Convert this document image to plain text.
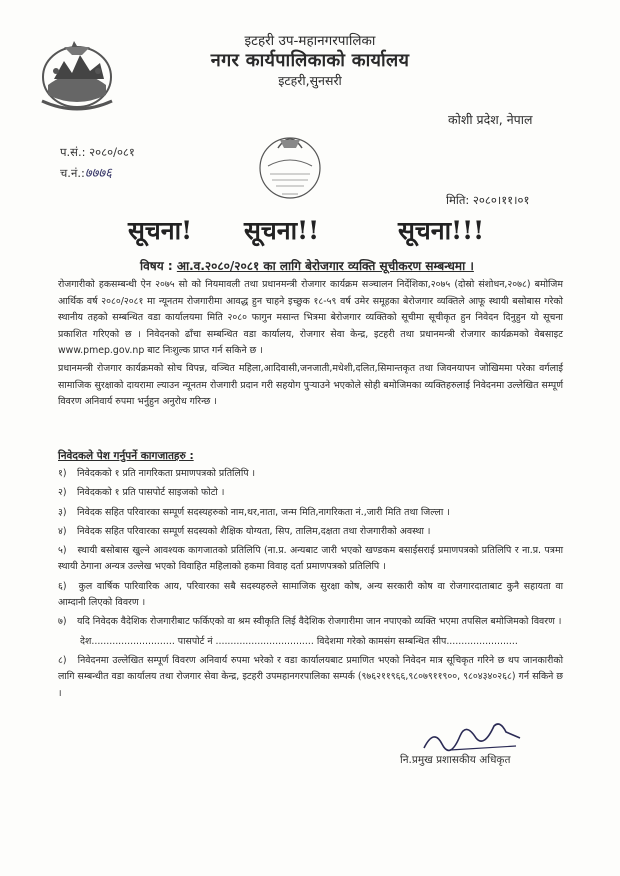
इटहरी उप-महानगरपालिका
नगर कार्यपालिकाको कार्यालय
इटहरी,सुनसरी
कोशी प्रदेश, नेपाल
प.सं.: २०८०/०८१
च.नं.:७७७६
मिति: २०८०।११।०१
सूचना! सूचना!!	सूचना!!!
विषय : आ.व.२०८०/२०८१ का लागि बेरोजगार व्यक्ति सूचीकरण सम्बन्धमा ।

रोजगारीको हकसम्बन्धी ऐन २०७५ सो को नियमावली तथा प्रधानमन्त्री रोजगार कार्यक्रम सञ्चालन निर्देशिका,२०७५ (दोस्रो संशोधन,२०७८) बमोजिम आर्थिक वर्ष २०८०/२०८१ मा न्यूनतम रोजगारीमा आवद्ध हुन चाहने इच्छुक १८-५९ वर्ष उमेर समूहका बेरोजगार व्यक्तिले आफू स्थायी बसोबास गरेको स्थानीय तहको सम्बन्धित वडा कार्यालयमा मिति २०८० फागुन मसान्त भित्रमा बेरोजगार व्यक्तिको सूचीमा सूचीकृत हुन निवेदन दिनुहुन यो सूचना प्रकाशित गरिएको छ । निवेदनको ढाँचा सम्बन्धित वडा कार्यालय, रोजगार सेवा केन्द्र, इटहरी तथा प्रधानमन्त्री रोजगार कार्यक्रमको वेबसाइट www.pmep.gov.np बाट निःशुल्क प्राप्त गर्न सकिने छ ।

प्रधानमन्त्री रोजगार कार्यक्रमको सोच विपन्न, वञ्चित महिला,आदिवासी,जनजाती,मधेशी,दलित,सिमान्तकृत तथा जिवनयापन जोखिममा परेका वर्गलाई सामाजिक सुरक्षाको दायरामा ल्याउन न्यूनतम रोजगारी प्रदान गरी सहयोग पुऱ्याउने भएकोले सोही बमोजिमका व्यक्तिहरुलाई निवेदनमा उल्लेखित सम्पूर्ण विवरण अनिवार्य रुपमा भर्नुहुन अनुरोध गरिन्छ ।

निवेदकले पेश गर्नुपर्ने कागजातहरु :
१) निवेदकको १ प्रति नागरिकता प्रमाणपत्रको प्रतिलिपि ।
२) निवेदकको १ प्रति पासपोर्ट साइजको फोटो ।
३) निवेदक सहित परिवारका सम्पूर्ण सदस्यहरुको नाम,थर,नाता, जन्म मिति,नागरिकता नं.,जारी मिति तथा जिल्ला ।
४) निवेदक सहित परिवारका सम्पूर्ण सदस्यको शैक्षिक योग्यता, सिप, तालिम,दक्षता तथा रोजगारीको अवस्था ।
५) स्थायी बसोबास खुल्ने आवश्यक कागजातको प्रतिलिपि (ना.प्र. अन्यबाट जारी भएको खण्डकम बसाईसराई प्रमाणपत्रको प्रतिलिपि र ना.प्र. पत्रमा स्थायी ठेगाना अन्यत्र उल्लेख भएको विवाहित महिलाको हकमा विवाह दर्ता प्रमाणपत्रको प्रतिलिपि ।
६) कुल वार्षिक पारिवारिक आय, परिवारका सबै सदस्यहरुले सामाजिक सुरक्षा कोष, अन्य सरकारी कोष वा रोजगारदाताबाट कुनै सहायता वा आम्दानी लिएको विवरण ।
७) यदि निवेदक वैदेशिक रोजगारीबाट फर्किएको वा श्रम स्वीकृति लिई वैदेशिक रोजगारीमा जान नपाएको व्यक्ति भएमा तपसिल बमोजिमको विवरण ।
देश............................ पासपोर्ट नं ................................. विदेशमा गरेको कामसंग सम्बन्धित सीप........................
८) निवेदनमा उल्लेखित सम्पूर्ण विवरण अनिवार्य रुपमा भरेको र वडा कार्यालयबाट प्रमाणित भएको निवेदन मात्र सूचिकृत गरिने छ थप जानकारीको लागि सम्बन्धीत वडा कार्यालय तथा रोजगार सेवा केन्द्र, इटहरी उपमहानगरपालिका सम्पर्क (९७६२११९६६,९८०७९११९००, ९८०४३४०२६८) गर्न सकिने छ ।
नि.प्रमुख प्रशासकीय अधिकृत
